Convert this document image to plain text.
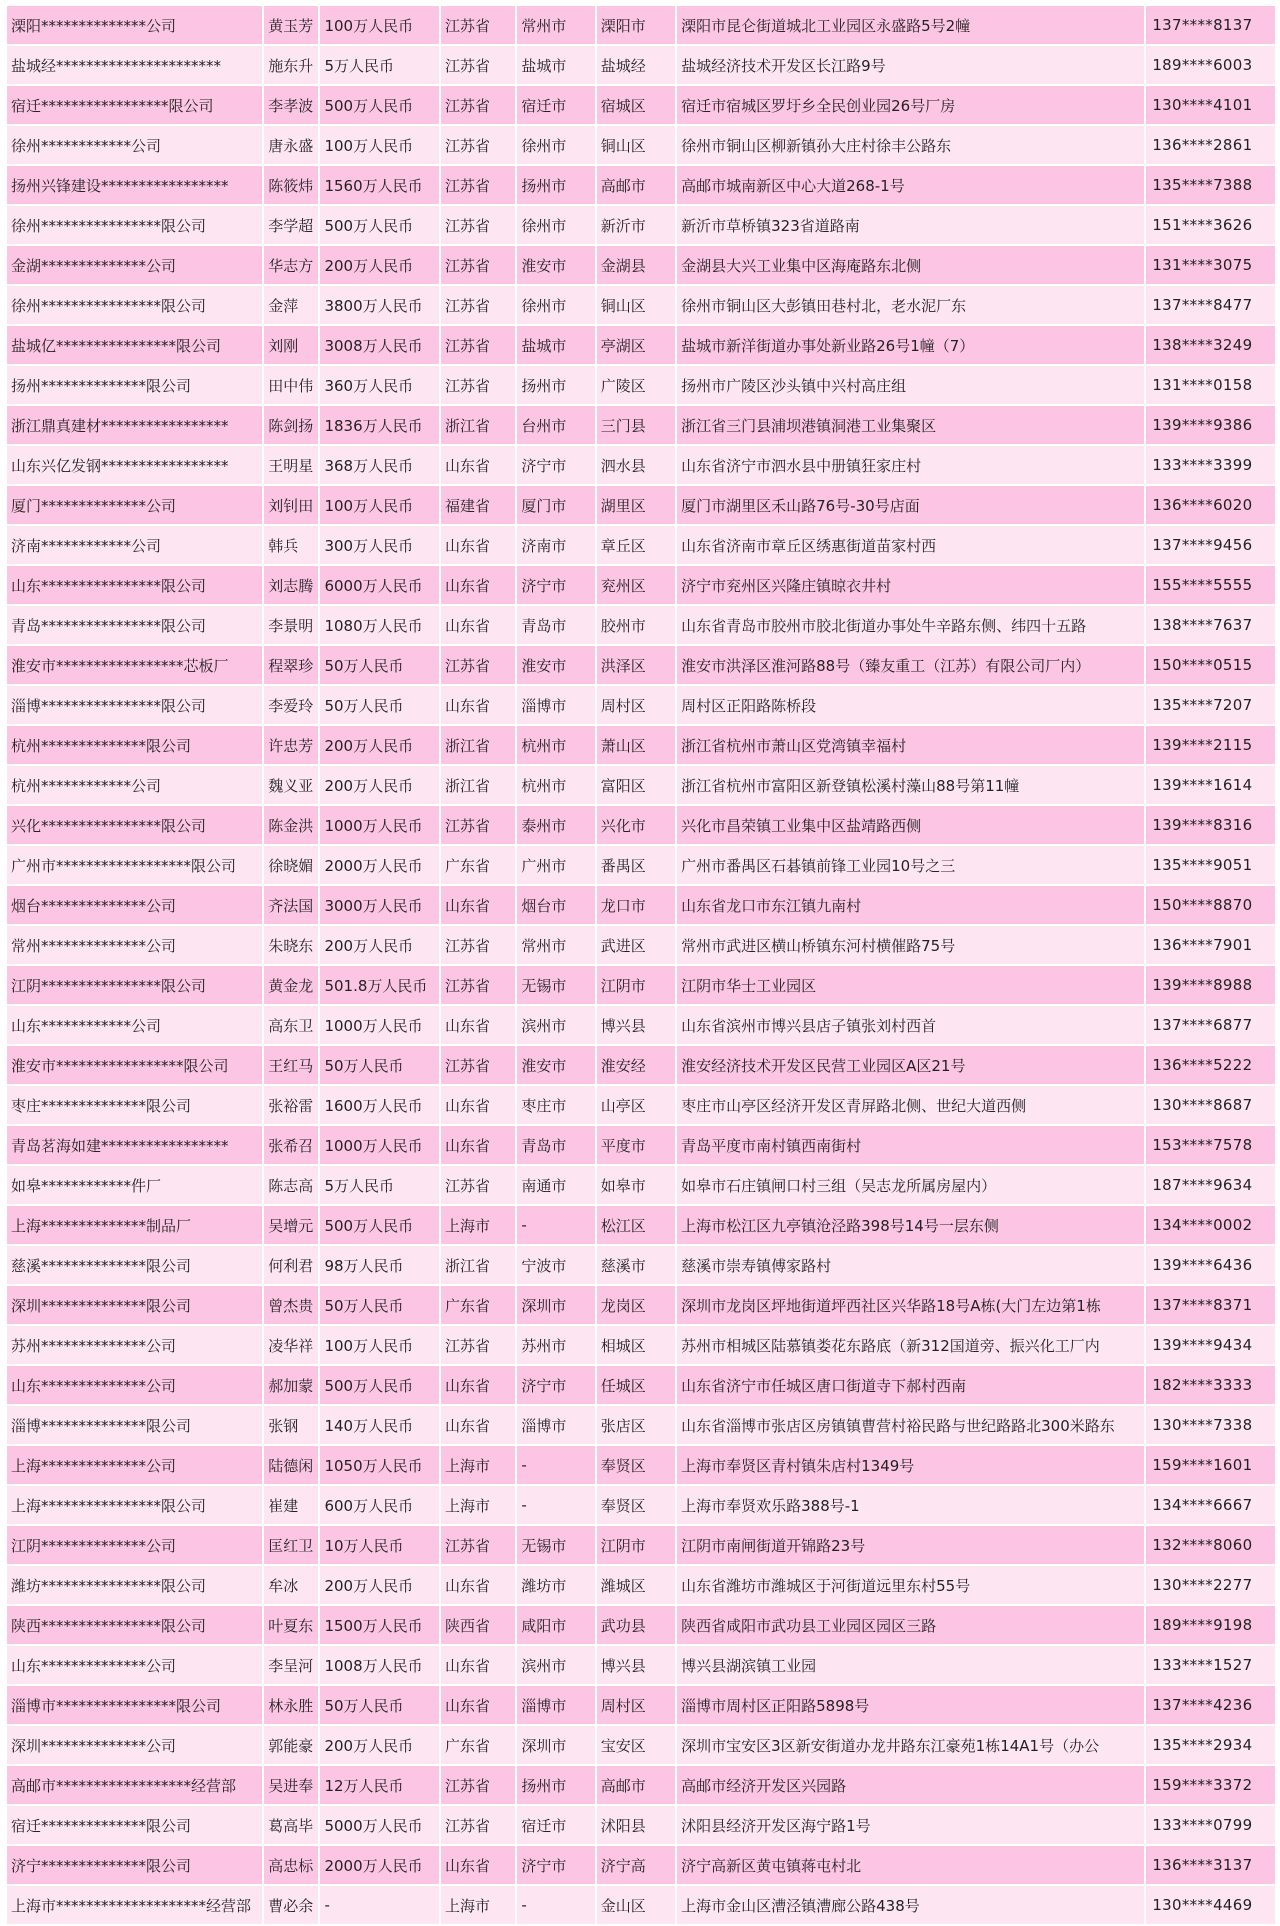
溧阳**************公司	黄玉芳	100万人民币	江苏省	常州市	溧阳市	溧阳市昆仑街道城北工业园区永盛路5号2幢	137****8137
盐城经**********************	施东升	5万人民币	江苏省	盐城市	盐城经	盐城经济技术开发区长江路9号	189****6003
宿迁*****************限公司	李孝波	500万人民币	江苏省	宿迁市	宿城区	宿迁市宿城区罗圩乡全民创业园26号厂房	130****4101
徐州************公司	唐永盛	100万人民币	江苏省	徐州市	铜山区	徐州市铜山区柳新镇孙大庄村徐丰公路东	136****2861
扬州兴锋建设*****************	陈筱炜	1560万人民币	江苏省	扬州市	高邮市	高邮市城南新区中心大道268-1号	135****7388
徐州****************限公司	李学超	500万人民币	江苏省	徐州市	新沂市	新沂市草桥镇323省道路南	151****3626
金湖**************公司	华志方	200万人民币	江苏省	淮安市	金湖县	金湖县大兴工业集中区海庵路东北侧	131****3075
徐州****************限公司	金萍	3800万人民币	江苏省	徐州市	铜山区	徐州市铜山区大彭镇田巷村北，老水泥厂东	137****8477
盐城亿****************限公司	刘刚	3008万人民币	江苏省	盐城市	亭湖区	盐城市新洋街道办事处新业路26号1幢（7）	138****3249
扬州**************限公司	田中伟	360万人民币	江苏省	扬州市	广陵区	扬州市广陵区沙头镇中兴村高庄组	131****0158
浙江鼎真建材*****************	陈剑扬	1836万人民币	浙江省	台州市	三门县	浙江省三门县浦坝港镇洞港工业集聚区	139****9386
山东兴亿发钢*****************	王明星	368万人民币	山东省	济宁市	泗水县	山东省济宁市泗水县中册镇狂家庄村	133****3399
厦门**************公司	刘钊田	100万人民币	福建省	厦门市	湖里区	厦门市湖里区禾山路76号-30号店面	136****6020
济南************公司	韩兵	300万人民币	山东省	济南市	章丘区	山东省济南市章丘区绣惠街道苗家村西	137****9456
山东****************限公司	刘志腾	6000万人民币	山东省	济宁市	兖州区	济宁市兖州区兴隆庄镇晾衣井村	155****5555
青岛****************限公司	李景明	1080万人民币	山东省	青岛市	胶州市	山东省青岛市胶州市胶北街道办事处牛辛路东侧、纬四十五路	138****7637
淮安市*****************芯板厂	程翠珍	50万人民币	江苏省	淮安市	洪泽区	淮安市洪泽区淮河路88号（臻友重工（江苏）有限公司厂内）	150****0515
淄博****************限公司	李爱玲	50万人民币	山东省	淄博市	周村区	周村区正阳路陈桥段	135****7207
杭州**************限公司	许忠芳	200万人民币	浙江省	杭州市	萧山区	浙江省杭州市萧山区党湾镇幸福村	139****2115
杭州************公司	魏义亚	200万人民币	浙江省	杭州市	富阳区	浙江省杭州市富阳区新登镇松溪村藻山88号第11幢	139****1614
兴化****************限公司	陈金洪	1000万人民币	江苏省	泰州市	兴化市	兴化市昌荣镇工业集中区盐靖路西侧	139****8316
广州市******************限公司	徐晓媚	2000万人民币	广东省	广州市	番禺区	广州市番禺区石碁镇前锋工业园10号之三	135****9051
烟台**************公司	齐法国	3000万人民币	山东省	烟台市	龙口市	山东省龙口市东江镇九南村	150****8870
常州**************公司	朱晓东	200万人民币	江苏省	常州市	武进区	常州市武进区横山桥镇东河村横催路75号	136****7901
江阴****************限公司	黄金龙	501.8万人民币	江苏省	无锡市	江阴市	江阴市华士工业园区	139****8988
山东************公司	高东卫	1000万人民币	山东省	滨州市	博兴县	山东省滨州市博兴县店子镇张刘村西首	137****6877
淮安市*****************限公司	王红马	50万人民币	江苏省	淮安市	淮安经	淮安经济技术开发区民营工业园区A区21号	136****5222
枣庄**************限公司	张裕雷	1600万人民币	山东省	枣庄市	山亭区	枣庄市山亭区经济开发区青屏路北侧、世纪大道西侧	130****8687
青岛茗海如建*****************	张希召	1000万人民币	山东省	青岛市	平度市	青岛平度市南村镇西南街村	153****7578
如皋************件厂	陈志高	5万人民币	江苏省	南通市	如皋市	如皋市石庄镇闸口村三组（吴志龙所属房屋内）	187****9634
上海**************制品厂	吴增元	500万人民币	上海市	-	松江区	上海市松江区九亭镇沧泾路398号14号一层东侧	134****0002
慈溪**************限公司	何利君	98万人民币	浙江省	宁波市	慈溪市	慈溪市崇寿镇傅家路村	139****6436
深圳**************限公司	曾杰贵	50万人民币	广东省	深圳市	龙岗区	深圳市龙岗区坪地街道坪西社区兴华路18号A栋(大门左边第1栋	137****8371
苏州**************公司	凌华祥	100万人民币	江苏省	苏州市	相城区	苏州市相城区陆慕镇娄花东路底（新312国道旁、振兴化工厂内	139****9434
山东**************公司	郝加蒙	500万人民币	山东省	济宁市	任城区	山东省济宁市任城区唐口街道寺下郝村西南	182****3333
淄博**************限公司	张钢	140万人民币	山东省	淄博市	张店区	山东省淄博市张店区房镇镇曹营村裕民路与世纪路路北300米路东	130****7338
上海**************公司	陆德闲	1050万人民币	上海市	-	奉贤区	上海市奉贤区青村镇朱店村1349号	159****1601
上海****************限公司	崔建	600万人民币	上海市	-	奉贤区	上海市奉贤欢乐路388号-1	134****6667
江阴**************公司	匡红卫	10万人民币	江苏省	无锡市	江阴市	江阴市南闸街道开锦路23号	132****8060
潍坊****************限公司	牟冰	200万人民币	山东省	潍坊市	潍城区	山东省潍坊市潍城区于河街道远里东村55号	130****2277
陕西****************限公司	叶夏东	1500万人民币	陕西省	咸阳市	武功县	陕西省咸阳市武功县工业园区园区三路	189****9198
山东**************公司	李呈河	1008万人民币	山东省	滨州市	博兴县	博兴县湖滨镇工业园	133****1527
淄博市****************限公司	林永胜	50万人民币	山东省	淄博市	周村区	淄博市周村区正阳路5898号	137****4236
深圳**************公司	郭能豪	200万人民币	广东省	深圳市	宝安区	深圳市宝安区3区新安街道办龙井路东江豪苑1栋14A1号（办公	135****2934
高邮市******************经营部	吴进奉	12万人民币	江苏省	扬州市	高邮市	高邮市经济开发区兴园路	159****3372
宿迁**************限公司	葛高毕	5000万人民币	江苏省	宿迁市	沭阳县	沭阳县经济开发区海宁路1号	133****0799
济宁**************限公司	高忠标	2000万人民币	山东省	济宁市	济宁高	济宁高新区黄屯镇蒋屯村北	136****3137
上海市********************经营部	曹必余	-	上海市	-	金山区	上海市金山区漕泾镇漕廊公路438号	130****4469
